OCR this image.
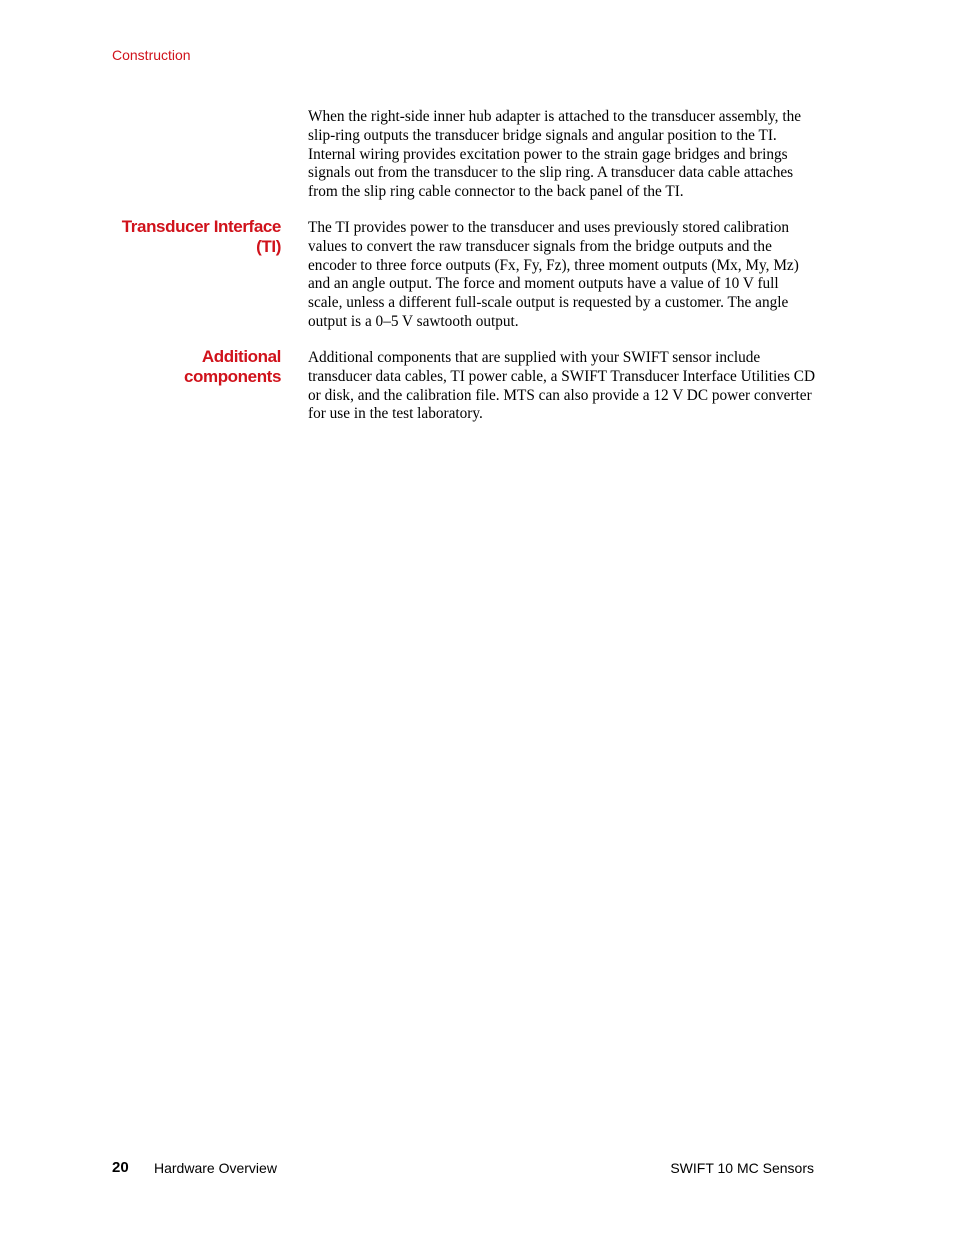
Construction

When the right-side inner hub adapter is attached to the transducer assembly, the slip-ring outputs the transducer bridge signals and angular position to the TI. Internal wiring provides excitation power to the strain gage bridges and brings signals out from the transducer to the slip ring. A transducer data cable attaches from the slip ring cable connector to the back panel of the TI.

Transducer Interface
(TI)

The TI provides power to the transducer and uses previously stored calibration values to convert the raw transducer signals from the bridge outputs and the encoder to three force outputs (Fx, Fy, Fz), three moment outputs (Mx, My, Mz) and an angle output. The force and moment outputs have a value of 10 V full scale, unless a different full-scale output is requested by a customer. The angle output is a 0–5 V sawtooth output.

Additional
components

Additional components that are supplied with your SWIFT sensor include transducer data cables, TI power cable, a SWIFT Transducer Interface Utilities CD or disk, and the calibration file. MTS can also provide a 12 V DC power converter for use in the test laboratory.

20 Hardware Overview	SWIFT 10 MC Sensors
